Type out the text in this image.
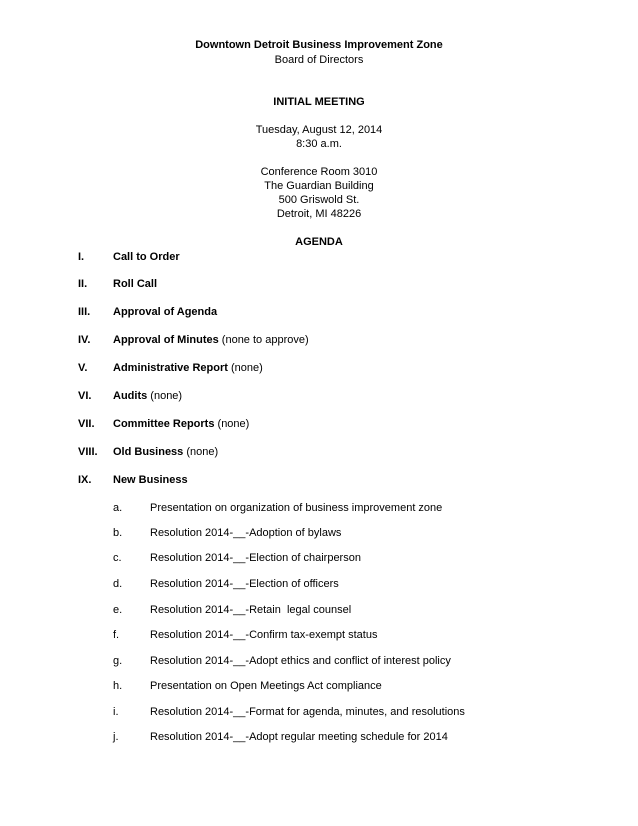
Downtown Detroit Business Improvement Zone
Board of Directors
INITIAL MEETING
Tuesday, August 12, 2014
8:30 a.m.
Conference Room 3010
The Guardian Building
500 Griswold St.
Detroit, MI 48226
AGENDA
I.	Call to Order
II. Roll Call
III. Approval of Agenda
IV. Approval of Minutes (none to approve)
V. Administrative Report (none)
VI. Audits (none)
VII. Committee Reports (none)
VIII. Old Business (none)
IX. New Business
a.	Presentation on organization of business improvement zone
b.	Resolution 2014-__-Adoption of bylaws
c.	Resolution 2014-__-Election of chairperson
d.	Resolution 2014-__-Election of officers
e.	Resolution 2014-__-Retain  legal counsel
f.	Resolution 2014-__-Confirm tax-exempt status
g.	Resolution 2014-__-Adopt ethics and conflict of interest policy
h.	Presentation on Open Meetings Act compliance
i.	Resolution 2014-__-Format for agenda, minutes, and resolutions
j.	Resolution 2014-__-Adopt regular meeting schedule for 2014
